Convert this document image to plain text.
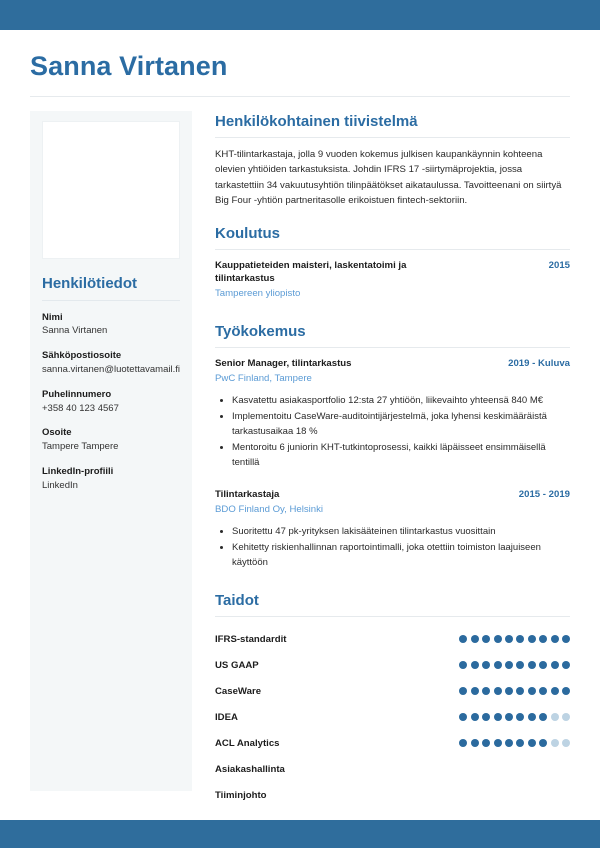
Sanna Virtanen
Henkilötiedot
Nimi
Sanna Virtanen
Sähköpostiosoite
sanna.virtanen@luotettavamail.fi
Puhelinnumero
+358 40 123 4567
Osoite
Tampere Tampere
LinkedIn-profiili
LinkedIn
Henkilökohtainen tiivistelmä

KHT-tilintarkastaja, jolla 9 vuoden kokemus julkisen kaupankäynnin kohteena olevien yhtiöiden tarkastuksista. Johdin IFRS 17 -siirtymäprojektia, jossa tarkastettiin 34 vakuutusyhtiön tilinpäätökset aikataulussa. Tavoitteenani on siirtyä Big Four -yhtiön partneritasolle erikoistuen fintech-sektoriin.

Koulutus
Kauppatieteiden maisteri, laskentatoimi ja tilintarkastus
2015
Tampereen yliopisto
Työkokemus
Senior Manager, tilintarkastus	2019 - Kuluva
PwC Finland, Tampere
• Kasvatettu asiakasportfolio 12:sta 27 yhtiöön, liikevaihto yhteensä 840 M€
• Implementoitu CaseWare-auditointijärjestelmä, joka lyhensi keskimääräistä tarkastusaikaa 18 %
• Mentoroitu 6 juniorin KHT-tutkintoprosessi, kaikki läpäisseet ensimmäisellä tentillä
Tilintarkastaja	2015 - 2019
BDO Finland Oy, Helsinki
• Suoritettu 47 pk-yrityksen lakisääteinen tilintarkastus vuosittain
• Kehitetty riskienhallinnan raportointimalli, joka otettiin toimiston laajuiseen käyttöön
Taidot
IFRS-standardit
US GAAP
CaseWare
IDEA
ACL Analytics
Asiakashallinta
Tiiminjohto
